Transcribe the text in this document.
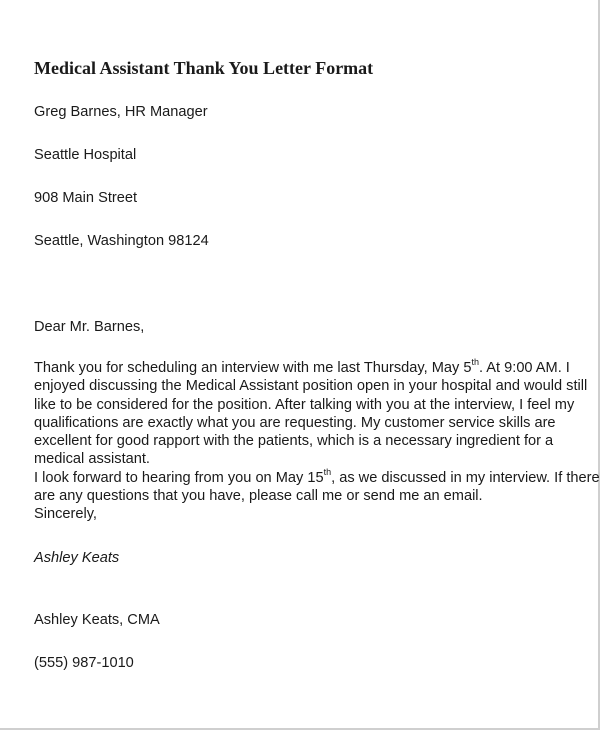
Medical Assistant Thank You Letter Format

Greg Barnes, HR Manager

Seattle Hospital

908 Main Street

Seattle, Washington 98124

Dear Mr. Barnes,

Thank you for scheduling an interview with me last Thursday, May 5th. At 9:00 AM. I
enjoyed discussing the Medical Assistant position open in your hospital and would still
like to be considered for the position. After talking with you at the interview, I feel my
qualifications are exactly what you are requesting. My customer service skills are
excellent for good rapport with the patients, which is a necessary ingredient for a
medical assistant.
I look forward to hearing from you on May 15th, as we discussed in my interview. If there
are any questions that you have, please call me or send me an email.
Sincerely,

Ashley Keats

Ashley Keats, CMA

(555) 987-1010
